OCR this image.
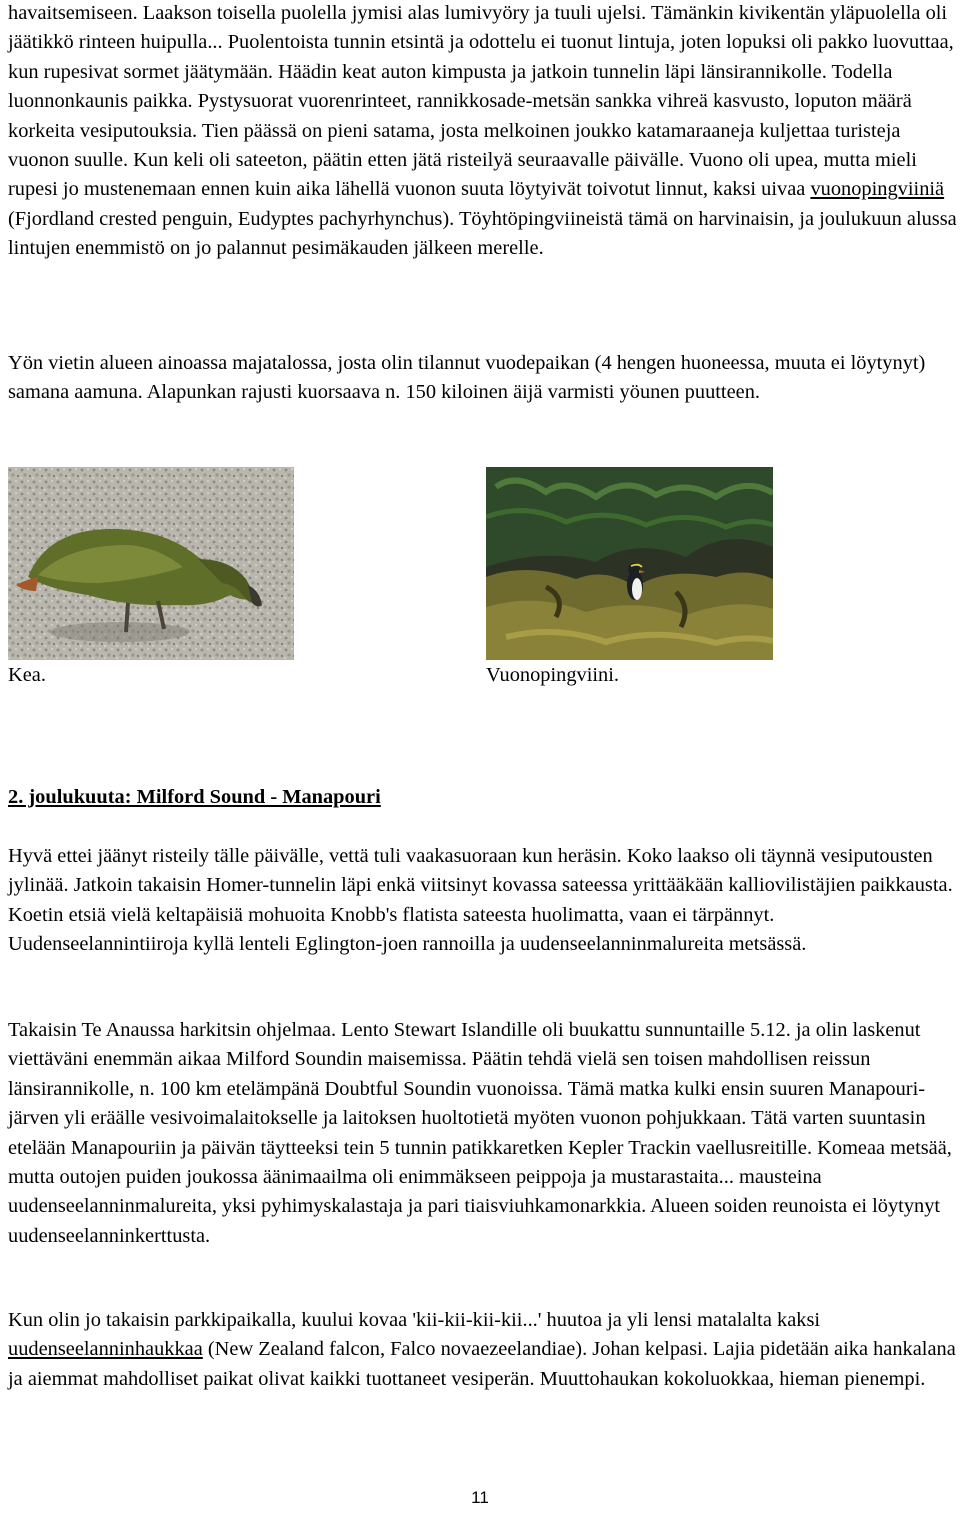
havaitsemiseen. Laakson toisella puolella jymisi alas lumivyöry ja tuuli ujelsi. Tämänkin kivikentän yläpuolella oli jäätikkö rinteen huipulla... Puolentoista tunnin etsintä ja odottelu ei tuonut lintuja, joten lopuksi oli pakko luovuttaa, kun rupesivat sormet jäätymään. Häädin keat auton kimpusta ja jatkoin tunnelin läpi länsirannikolle. Todella luonnonkaunis paikka. Pystysuorat vuorenrinteet, rannikkosade-metsän sankka vihreä kasvusto, loputon määrä korkeita vesiputouksia. Tien päässä on pieni satama, josta melkoinen joukko katamaraaneja kuljettaa turisteja vuonon suulle. Kun keli oli sateeton, päätin etten jätä risteilyä seuraavalle päivälle. Vuono oli upea, mutta mieli rupesi jo mustenemaan ennen kuin aika lähellä vuonon suuta löytyivät toivotut linnut, kaksi uivaa vuonopingviiniä (Fjordland crested penguin, Eudyptes pachyrhynchus). Töyhtöpingviineistä tämä on harvinaisin, ja joulukuun alussa lintujen enemmistö on jo palannut pesimäkauden jälkeen merelle.

Yön vietin alueen ainoassa majatalossa, josta olin tilannut vuodepaikan (4 hengen huoneessa, muuta ei löytynyt) samana aamuna. Alapunkan rajusti kuorsaava n. 150 kiloinen äijä varmisti yöunen puutteen.

Kea.	Vuonopingviini.

2. joulukuuta: Milford Sound - Manapouri

Hyvä ettei jäänyt risteily tälle päivälle, vettä tuli vaakasuoraan kun heräsin. Koko laakso oli täynnä vesiputousten jylinää. Jatkoin takaisin Homer-tunnelin läpi enkä viitsinyt kovassa sateessa yrittääkään kalliovilistäjien paikkausta. Koetin etsiä vielä keltapäisiä mohuoita Knobb's flatista sateesta huolimatta, vaan ei tärpännyt. Uudenseelannintiiroja kyllä lenteli Eglington-joen rannoilla ja uudenseelanninmalureita metsässä.

Takaisin Te Anaussa harkitsin ohjelmaa. Lento Stewart Islandille oli buukattu sunnuntaille 5.12. ja olin laskenut viettäväni enemmän aikaa Milford Soundin maisemissa. Päätin tehdä vielä sen toisen mahdollisen reissun länsirannikolle, n. 100 km etelämpänä Doubtful Soundin vuonoissa. Tämä matka kulki ensin suuren Manapouri-järven yli eräälle vesivoimalaitokselle ja laitoksen huoltotietä myöten vuonon pohjukkaan. Tätä varten suuntasin etelään Manapouriin ja päivän täytteeksi tein 5 tunnin patikkaretken Kepler Trackin vaellusreitille. Komeaa metsää, mutta outojen puiden joukossa äänimaailma oli enimmäkseen peippoja ja mustarastaita... mausteina uudenseelanninmalureita, yksi pyhimyskalastaja ja pari tiaisviuhkamonarkkia. Alueen soiden reunoista ei löytynyt uudenseelanninkerttusta.

Kun olin jo takaisin parkkipaikalla, kuului kovaa 'kii-kii-kii-kii...' huutoa ja yli lensi matalalta kaksi uudenseelanninhaukkaa (New Zealand falcon, Falco novaezeelandiae). Johan kelpasi. Lajia pidetään aika hankalana ja aiemmat mahdolliset paikat olivat kaikki tuottaneet vesiperän. Muuttohaukan kokoluokkaa, hieman pienempi.

11
